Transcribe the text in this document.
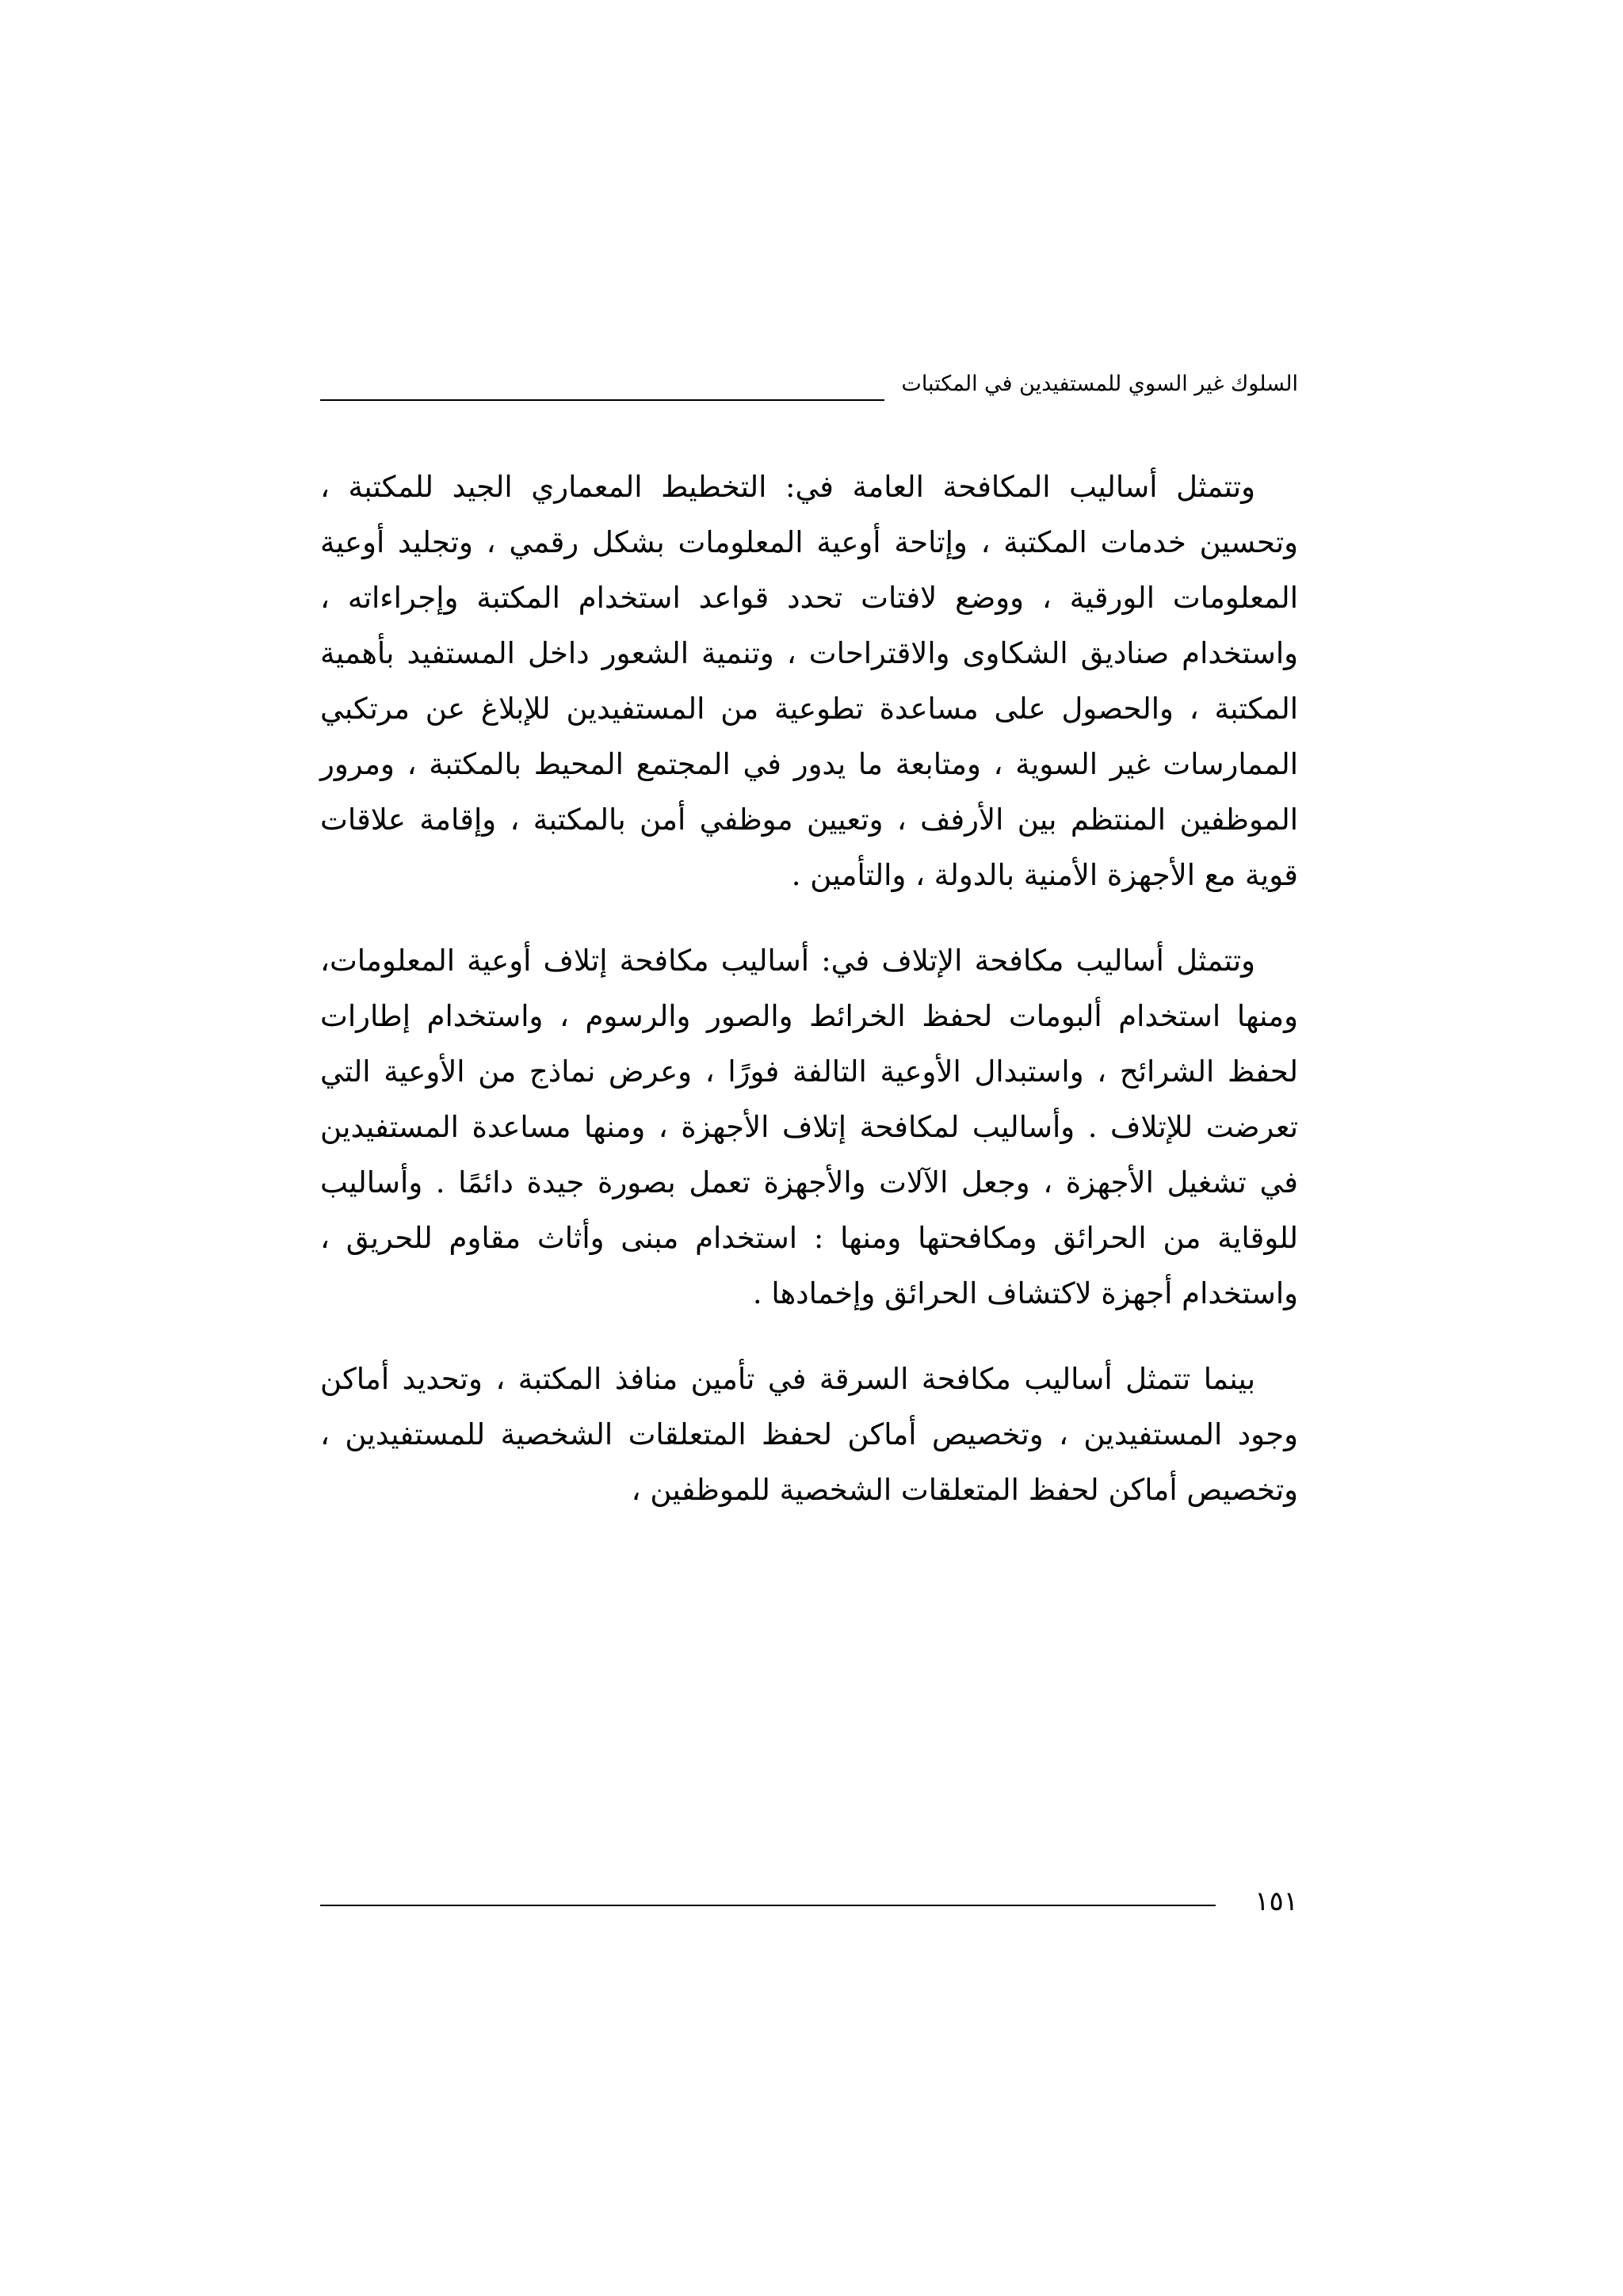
السلوك غير السوي للمستفيدين في المكتبات

وتتمثل أساليب المكافحة العامة في: التخطيط المعماري الجيد للمكتبة ، وتحسين خدمات المكتبة ، وإتاحة أوعية المعلومات بشكل رقمي ، وتجليد أوعية المعلومات الورقية ، ووضع لافتات تحدد قواعد استخدام المكتبة وإجراءاته ، واستخدام صناديق الشكاوى والاقتراحات ، وتنمية الشعور داخل المستفيد بأهمية المكتبة ، والحصول على مساعدة تطوعية من المستفيدين للإبلاغ عن مرتكبي الممارسات غير السوية ، ومتابعة ما يدور في المجتمع المحيط بالمكتبة ، ومرور الموظفين المنتظم بين الأرفف ، وتعيين موظفي أمن بالمكتبة ، وإقامة علاقات قوية مع الأجهزة الأمنية بالدولة ، والتأمين .

وتتمثل أساليب مكافحة الإتلاف في: أساليب مكافحة إتلاف أوعية المعلومات، ومنها استخدام ألبومات لحفظ الخرائط والصور والرسوم ، واستخدام إطارات لحفظ الشرائح ، واستبدال الأوعية التالفة فورًا ، وعرض نماذج من الأوعية التي تعرضت للإتلاف . وأساليب لمكافحة إتلاف الأجهزة ، ومنها مساعدة المستفيدين في تشغيل الأجهزة ، وجعل الآلات والأجهزة تعمل بصورة جيدة دائمًا . وأساليب للوقاية من الحرائق ومكافحتها ومنها : استخدام مبنى وأثاث مقاوم للحريق ، واستخدام أجهزة لاكتشاف الحرائق وإخمادها .

بينما تتمثل أساليب مكافحة السرقة في تأمين منافذ المكتبة ، وتحديد أماكن وجود المستفيدين ، وتخصيص أماكن لحفظ المتعلقات الشخصية للمستفيدين ، وتخصيص أماكن لحفظ المتعلقات الشخصية للموظفين ،

١٥١
